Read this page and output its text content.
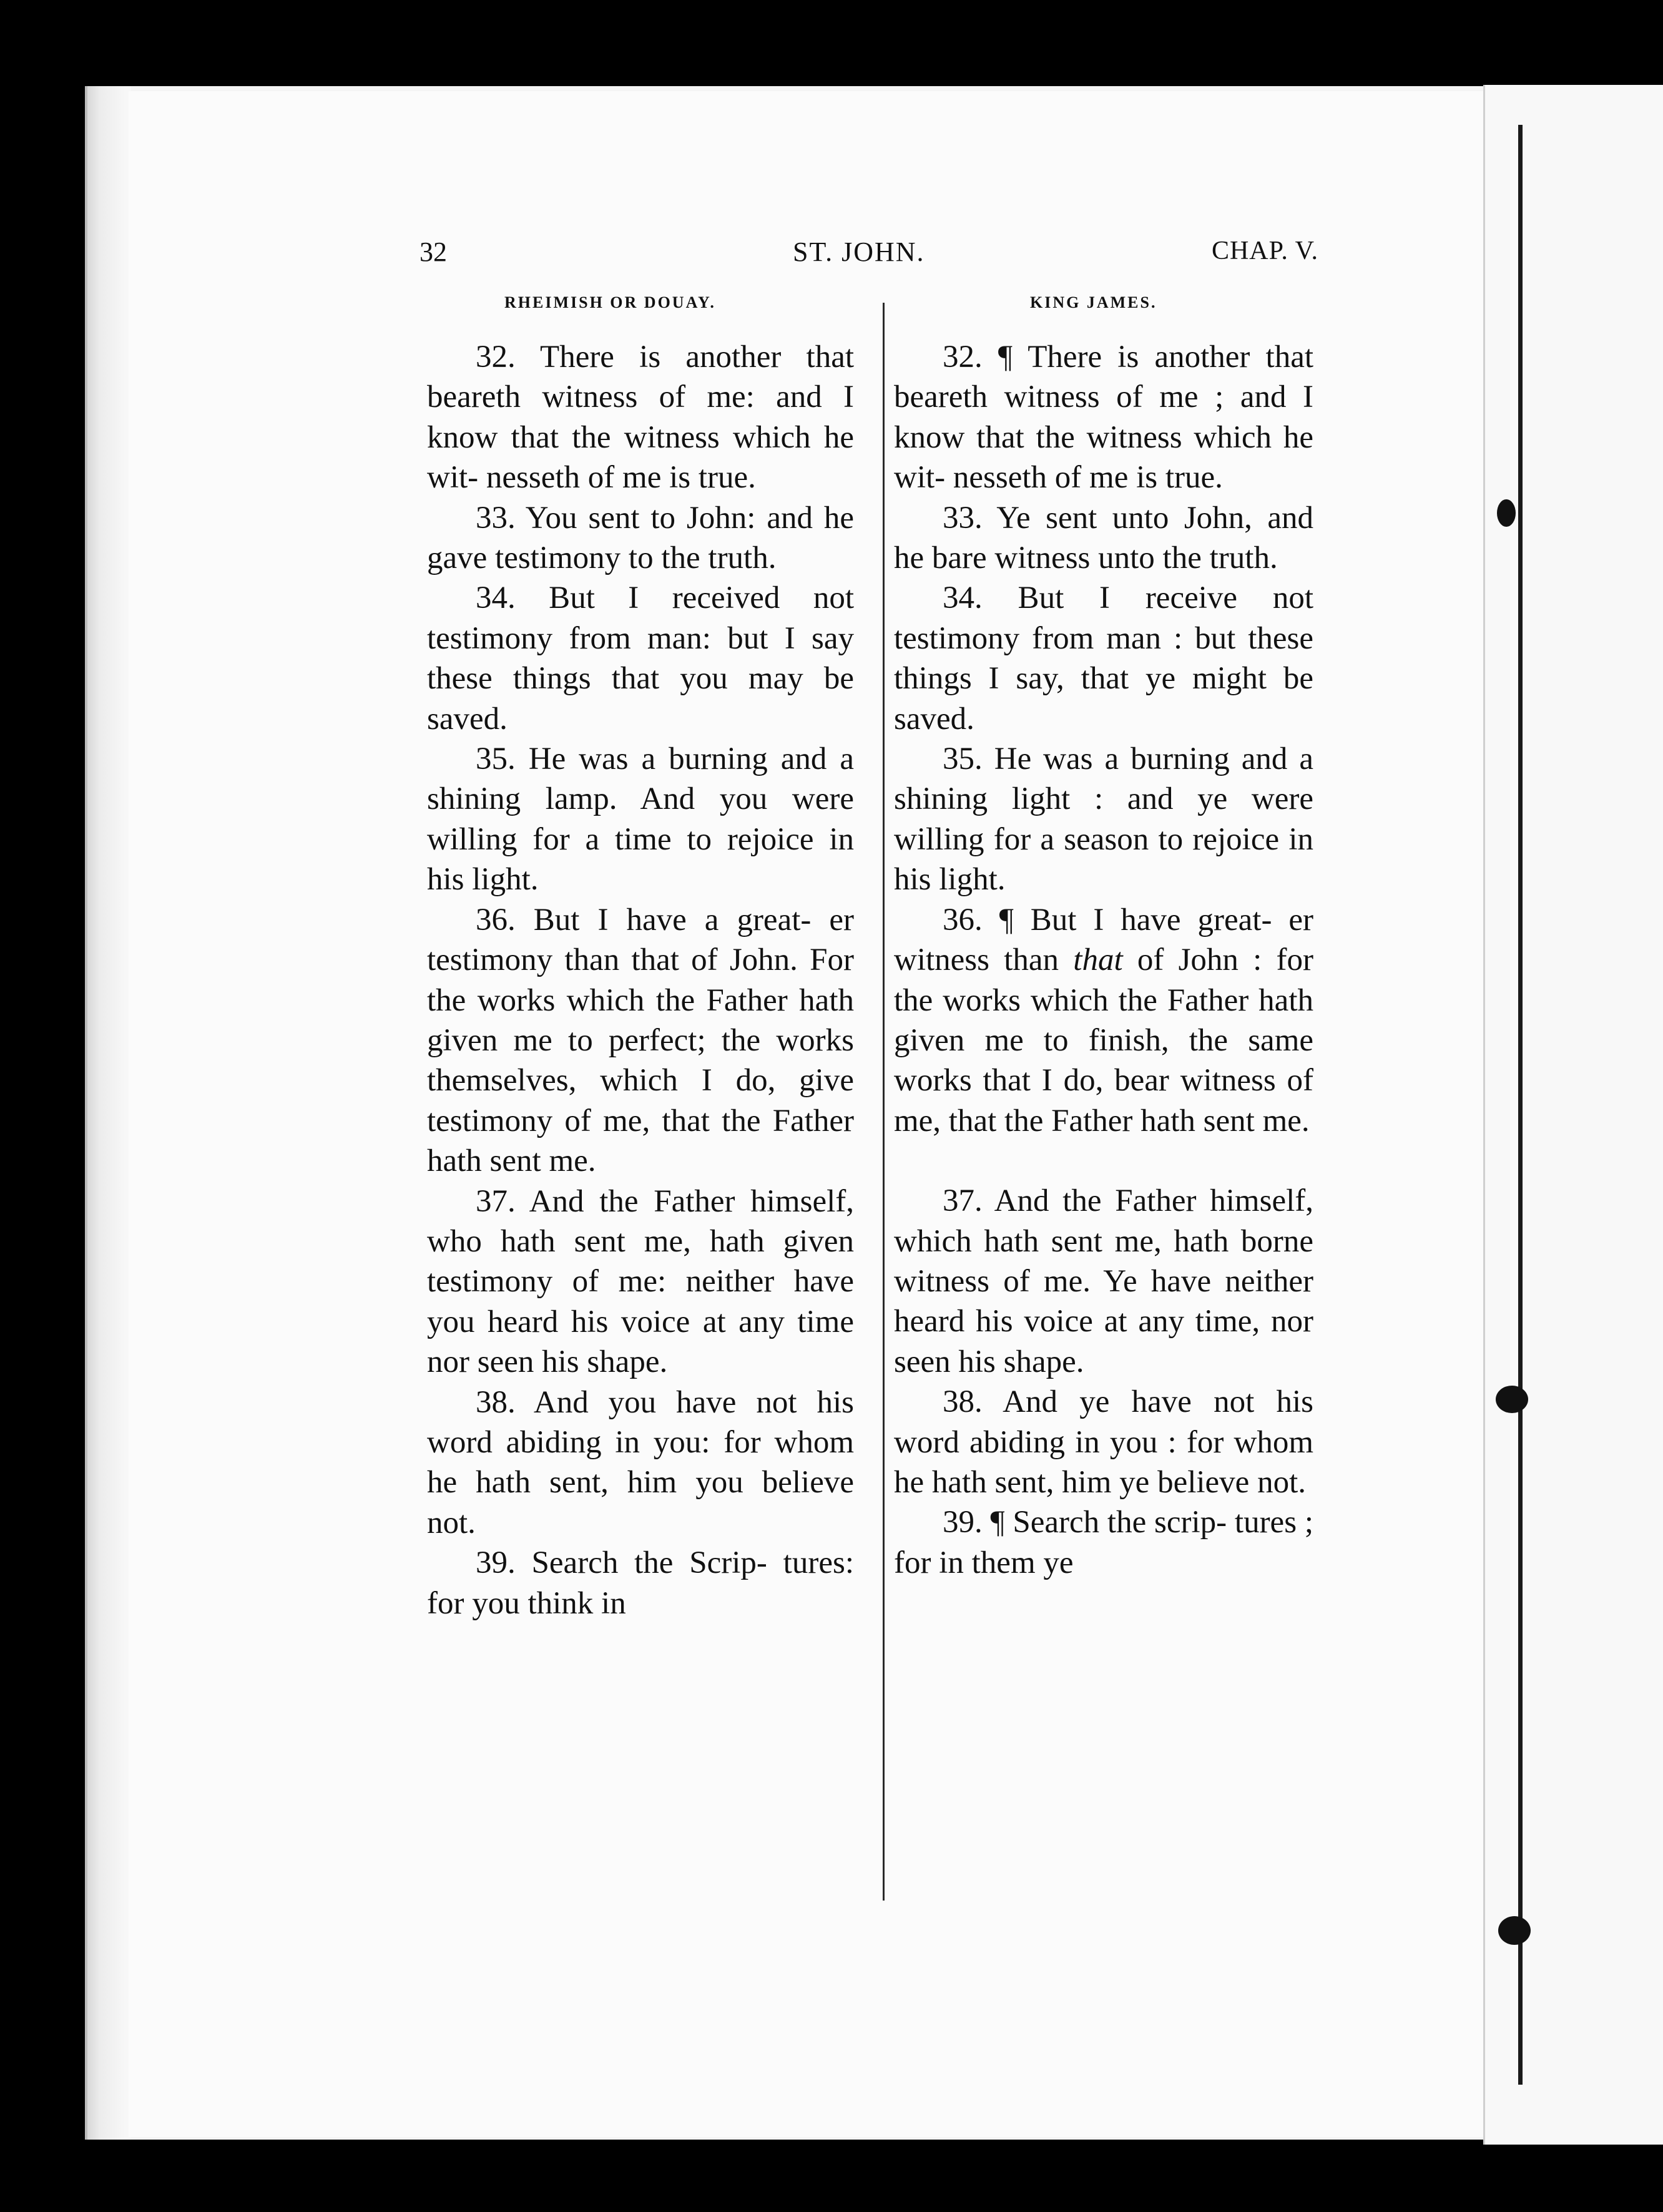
32	ST. JOHN.	CHAP. V.
RHEIMISH OR DOUAY.	KING JAMES.

32. There is another that beareth witness of me: and I know that the witness which he wit- nesseth of me is true.

33. You sent to John: and he gave testimony to the truth.

34. But I received not testimony from man: but I say these things that you may be saved.

35. He was a burning and a shining lamp. And you were willing for a time to rejoice in his light.

36. But I have a great- er testimony than that of John. For the works which the Father hath given me to perfect; the works themselves, which I do, give testimony of me, that the Father hath sent me.

37. And the Father himself, who hath sent me, hath given testimony of me: neither have you heard his voice at any time nor seen his shape.

38. And you have not his word abiding in you: for whom he hath sent, him you believe not.

39. Search the Scrip- tures: for you think in

32. ¶ There is another that beareth witness of me ; and I know that the witness which he wit- nesseth of me is true.

33. Ye sent unto John, and he bare witness unto the truth.

34. But I receive not testimony from man : but these things I say, that ye might be saved.

35. He was a burning and a shining light : and ye were willing for a season to rejoice in his light.

36. ¶ But I have great- er witness than that of John : for the works which the Father hath given me to finish, the same works that I do, bear witness of me, that the Father hath sent me.

37. And the Father himself, which hath sent me, hath borne witness of me. Ye have neither heard his voice at any time, nor seen his shape.

38. And ye have not his word abiding in you : for whom he hath sent, him ye believe not.

39. ¶ Search the scrip- tures ; for in them ye
